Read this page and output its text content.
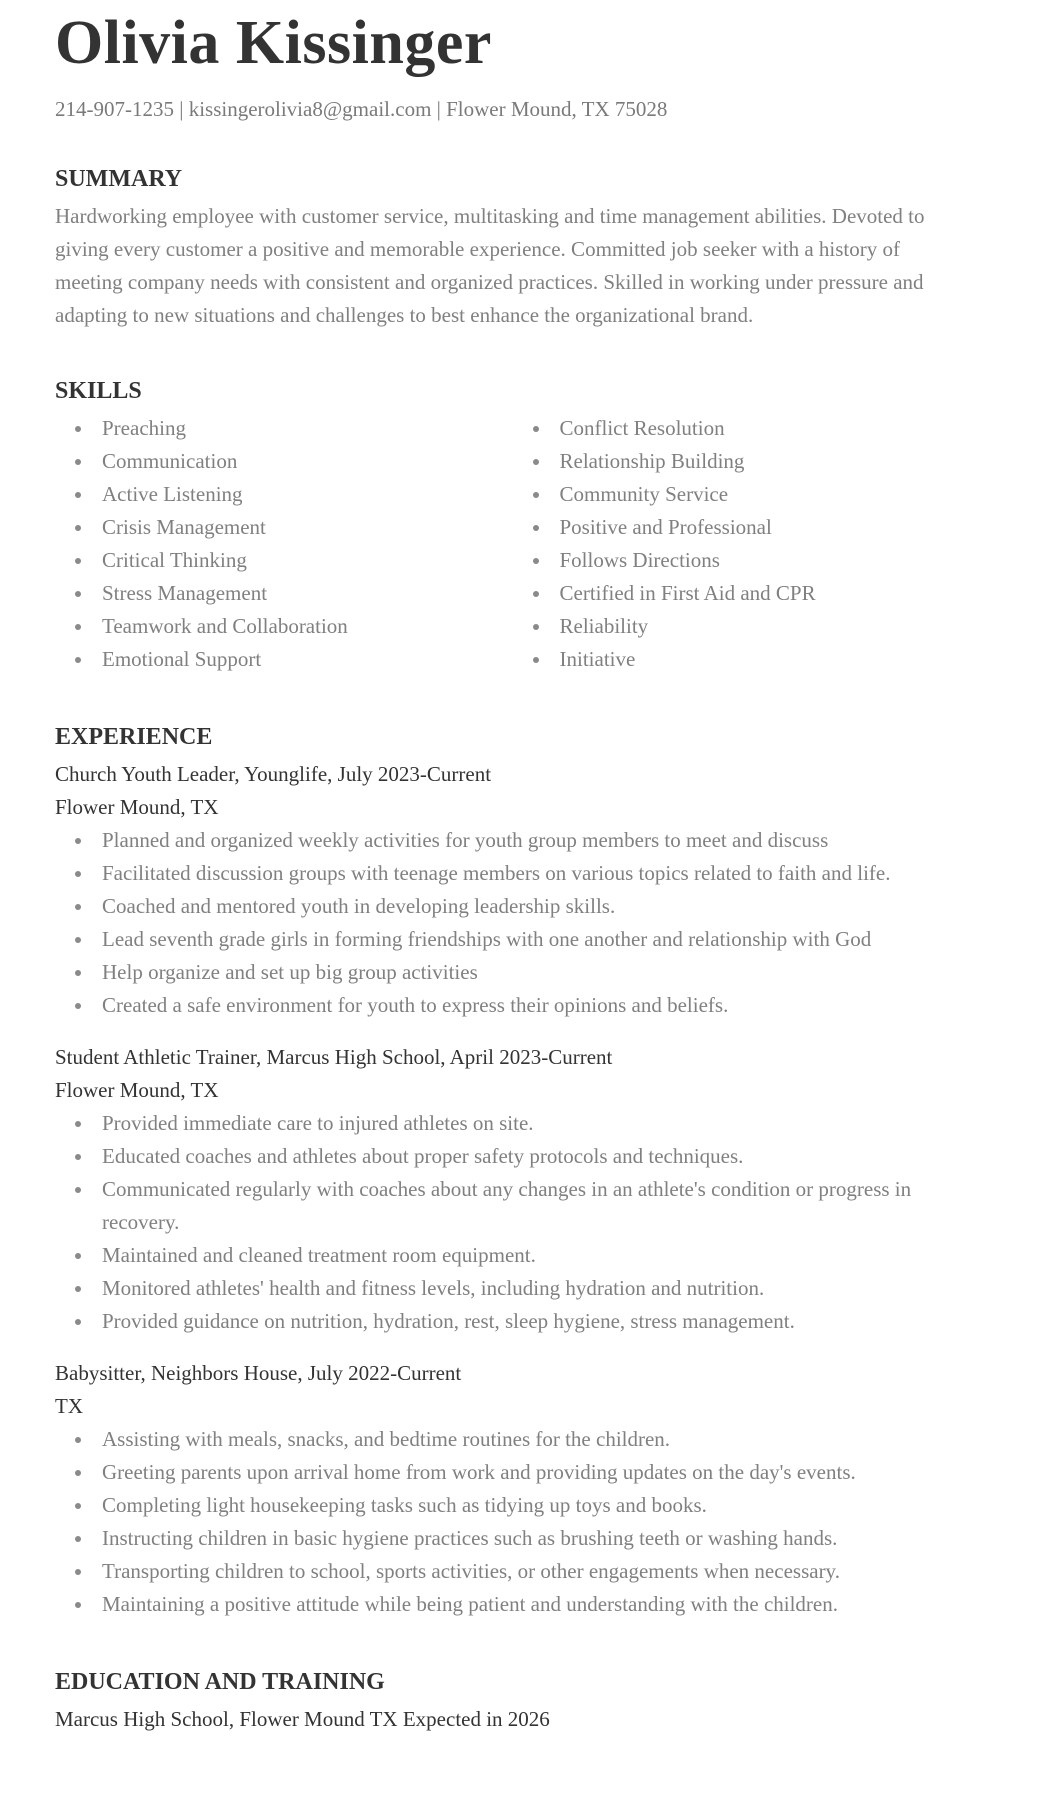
Olivia Kissinger
214-907-1235 | kissingerolivia8@gmail.com | Flower Mound, TX 75028
SUMMARY
Hardworking employee with customer service, multitasking and time management abilities. Devoted to giving every customer a positive and memorable experience. Committed job seeker with a history of meeting company needs with consistent and organized practices. Skilled in working under pressure and adapting to new situations and challenges to best enhance the organizational brand.
SKILLS
Preaching
Communication
Active Listening
Crisis Management
Critical Thinking
Stress Management
Teamwork and Collaboration
Emotional Support
Conflict Resolution
Relationship Building
Community Service
Positive and Professional
Follows Directions
Certified in First Aid and CPR
Reliability
Initiative
EXPERIENCE
Church Youth Leader, Younglife, July 2023-Current
Flower Mound, TX
Planned and organized weekly activities for youth group members to meet and discuss
Facilitated discussion groups with teenage members on various topics related to faith and life.
Coached and mentored youth in developing leadership skills.
Lead seventh grade girls in forming friendships with one another and relationship with God
Help organize and set up big group activities
Created a safe environment for youth to express their opinions and beliefs.
Student Athletic Trainer, Marcus High School, April 2023-Current
Flower Mound, TX
Provided immediate care to injured athletes on site.
Educated coaches and athletes about proper safety protocols and techniques.
Communicated regularly with coaches about any changes in an athlete's condition or progress in recovery.
Maintained and cleaned treatment room equipment.
Monitored athletes' health and fitness levels, including hydration and nutrition.
Provided guidance on nutrition, hydration, rest, sleep hygiene, stress management.
Babysitter, Neighbors House, July 2022-Current
TX
Assisting with meals, snacks, and bedtime routines for the children.
Greeting parents upon arrival home from work and providing updates on the day's events.
Completing light housekeeping tasks such as tidying up toys and books.
Instructing children in basic hygiene practices such as brushing teeth or washing hands.
Transporting children to school, sports activities, or other engagements when necessary.
Maintaining a positive attitude while being patient and understanding with the children.
EDUCATION AND TRAINING
Marcus High School, Flower Mound TX Expected in 2026
